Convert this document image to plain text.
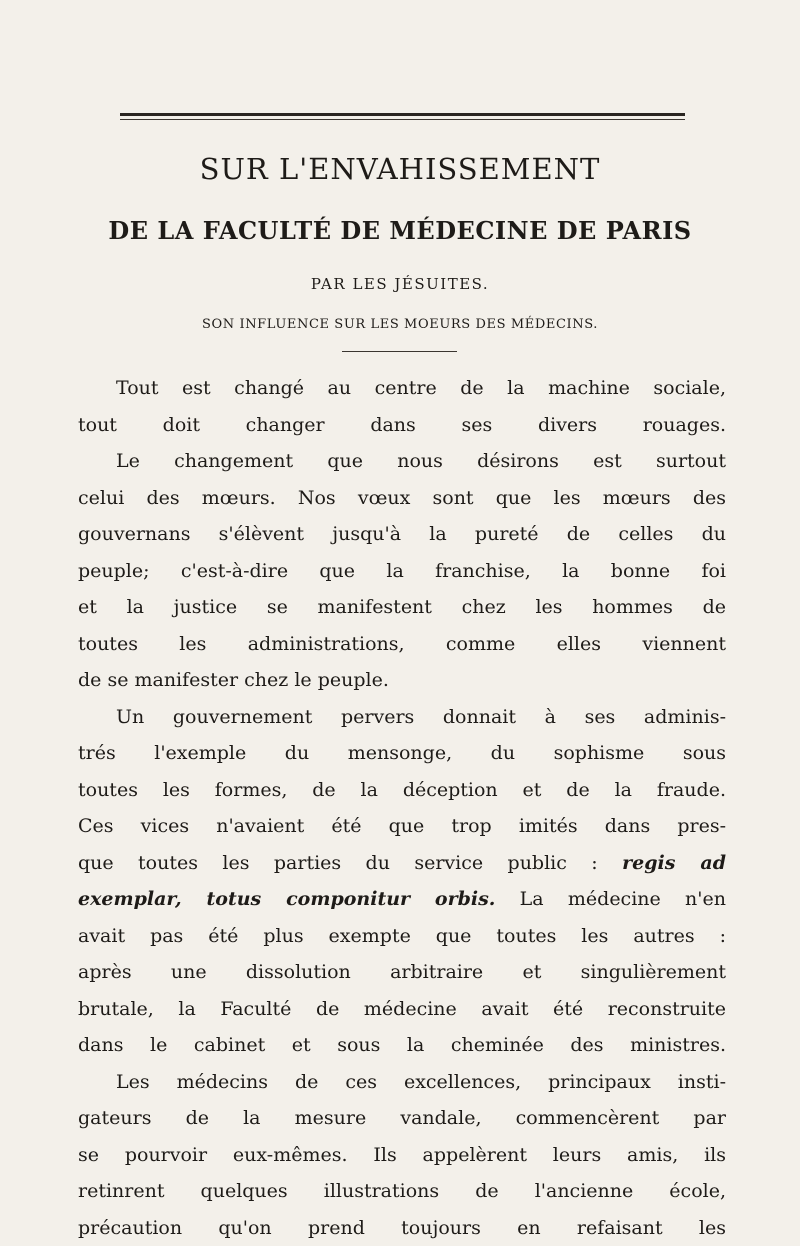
SUR L'ENVAHISSEMENT
DE LA FACULTÉ DE MÉDECINE DE PARIS
PAR LES JÉSUITES.
SON INFLUENCE SUR LES MOEURS DES MÉDECINS.
Tout est changé au centre de la machine sociale,
tout doit changer dans ses divers rouages.
Le changement que nous désirons est surtout
celui des mœurs. Nos vœux sont que les mœurs des
gouvernans s'élèvent jusqu'à la pureté de celles du
peuple; c'est-à-dire que la franchise, la bonne foi
et la justice se manifestent chez les hommes de
toutes les administrations, comme elles viennent
de se manifester chez le peuple.
Un gouvernement pervers donnait à ses adminis-
trés l'exemple du mensonge, du sophisme sous
toutes les formes, de la déception et de la fraude.
Ces vices n'avaient été que trop imités dans pres-
que toutes les parties du service public : regis ad
exemplar, totus componitur orbis. La médecine n'en
avait pas été plus exempte que toutes les autres :
après une dissolution arbitraire et singulièrement
brutale, la Faculté de médecine avait été reconstruite
dans le cabinet et sous la cheminée des ministres.
Les médecins de ces excellences, principaux insti-
gateurs de la mesure vandale, commencèrent par
se pourvoir eux-mêmes. Ils appelèrent leurs amis, ils
retinrent quelques illustrations de l'ancienne école,
précaution qu'on prend toujours en refaisant les
